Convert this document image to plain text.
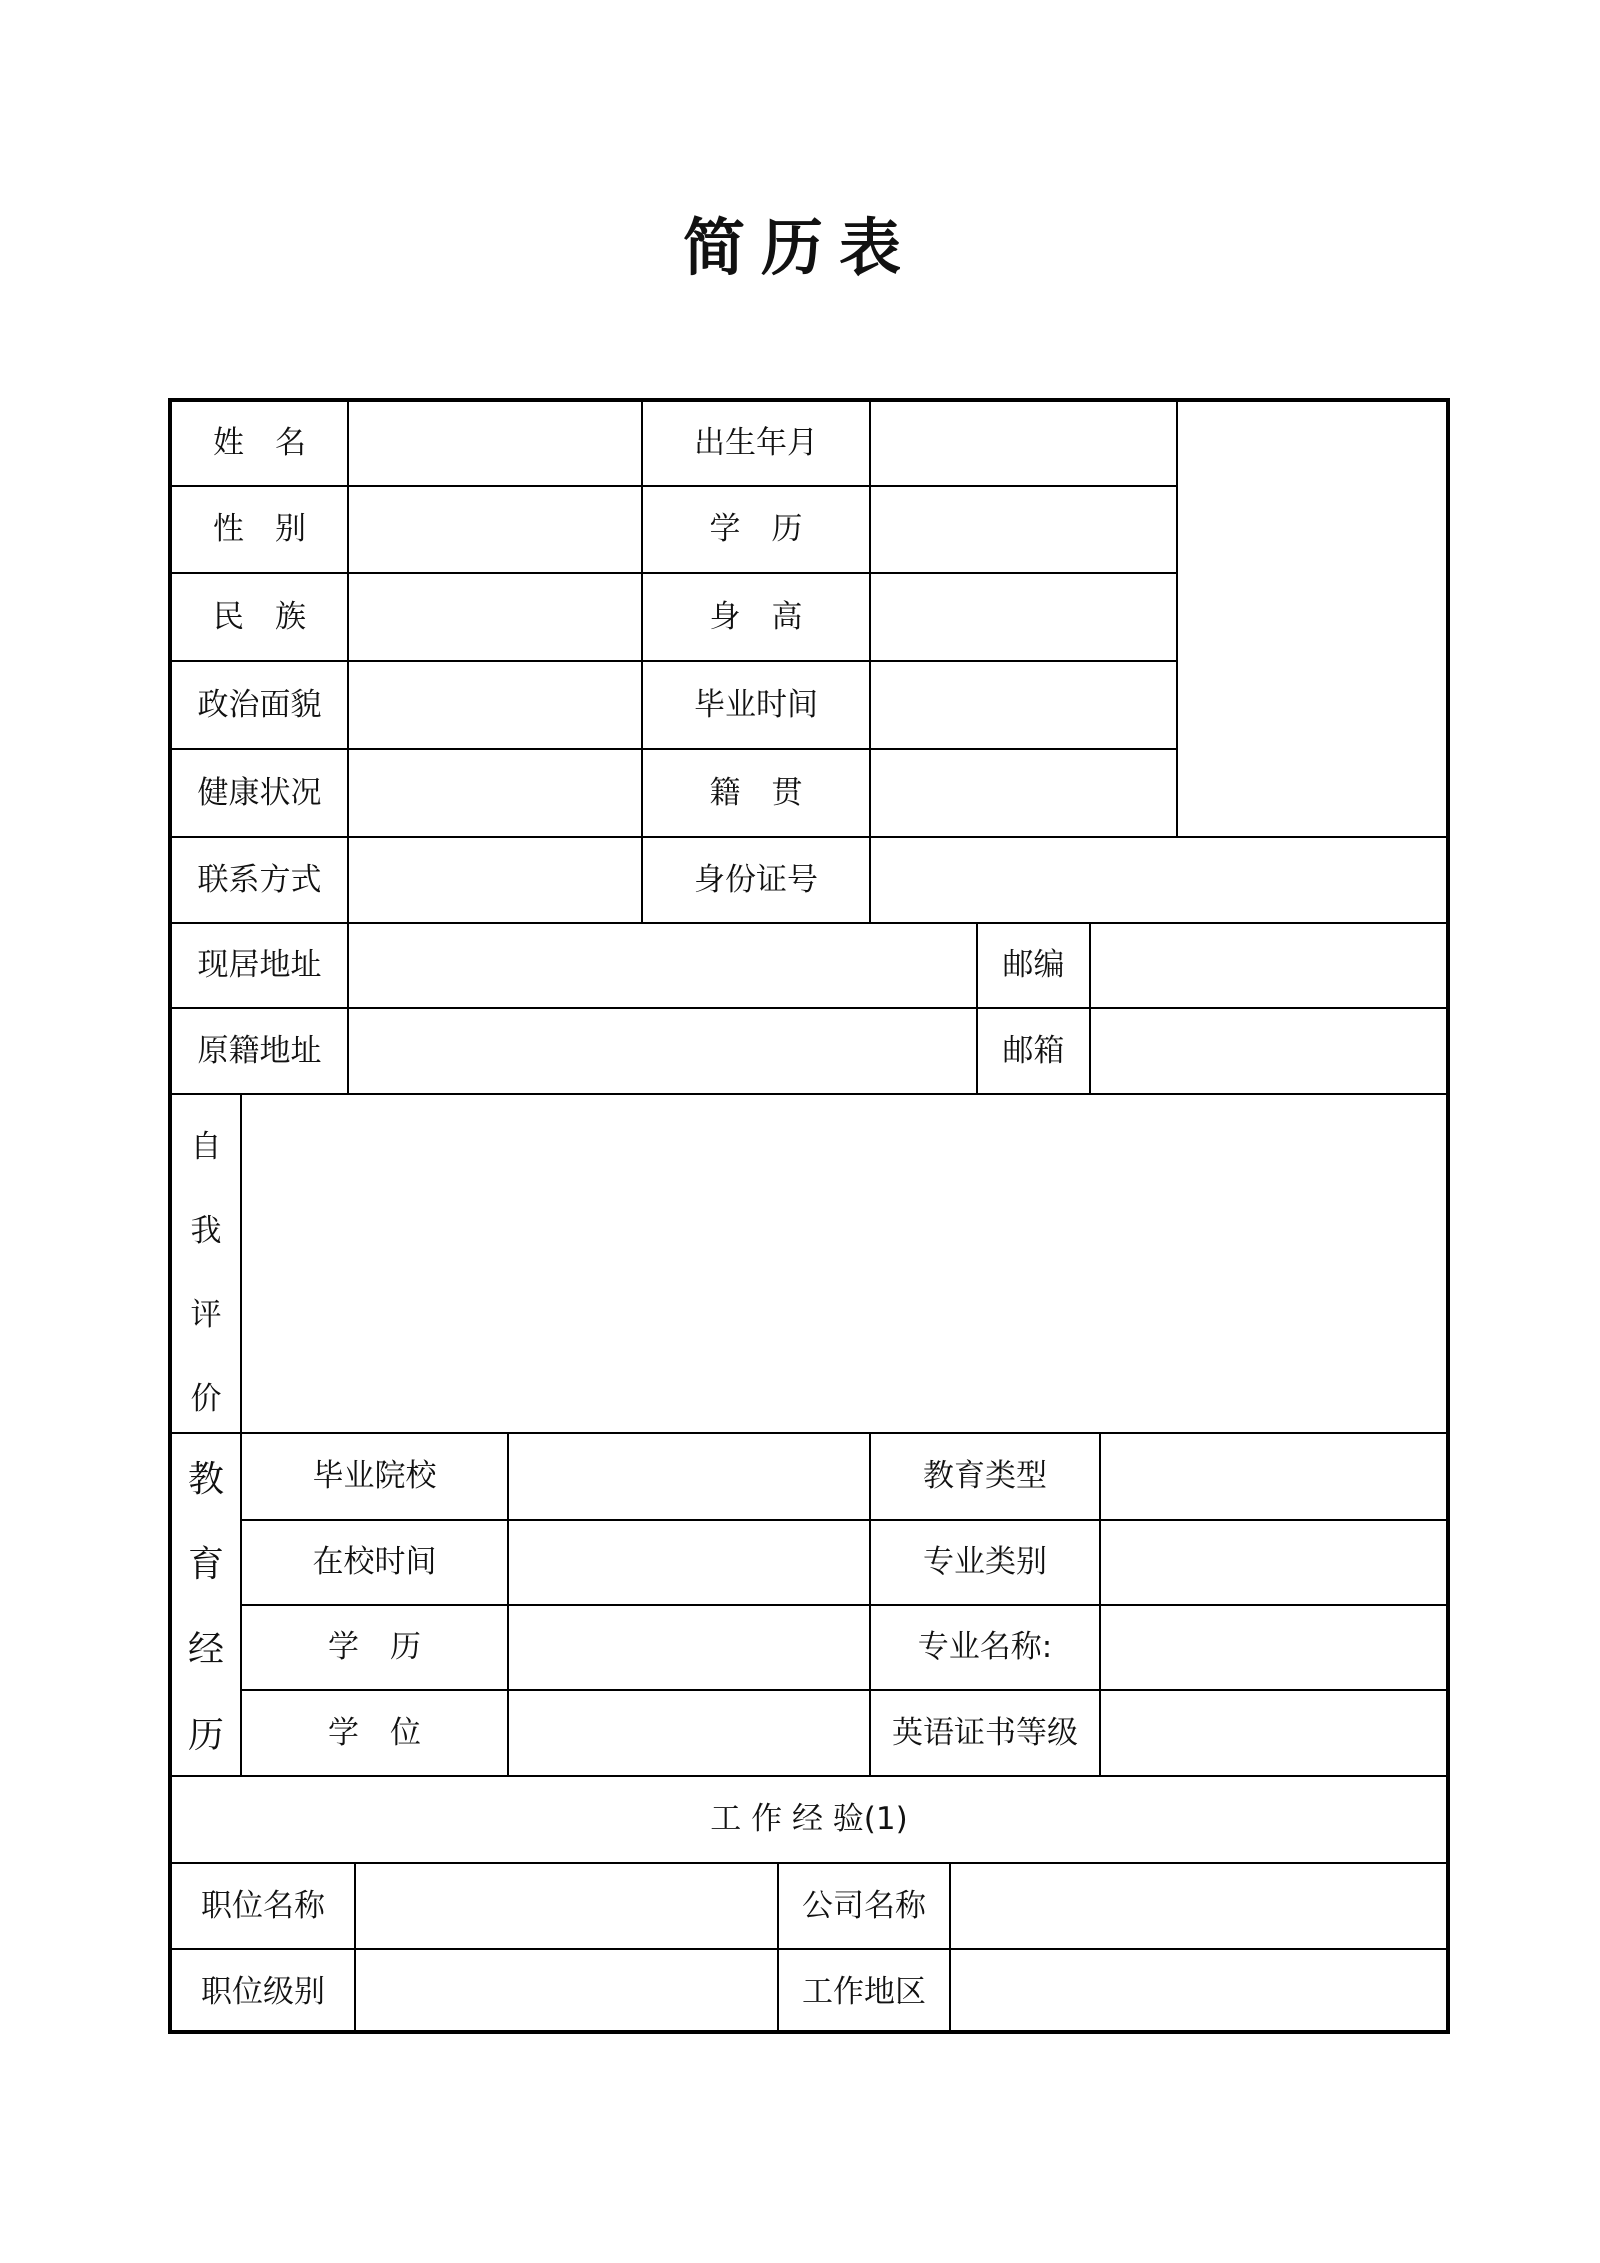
简历表
姓　名
性　别
民　族
政治面貌
健康状况
联系方式
出生年月
学　历
身　高
毕业时间
籍　贯
身份证号
现居地址
原籍地址
邮编
邮箱
自
我
评
价
教
育
经
历
毕业院校
在校时间
学　历
学　位
教育类型
专业类别
专业名称:
英语证书等级
工 作 经 验(1)
职位名称
职位级别
公司名称
工作地区
